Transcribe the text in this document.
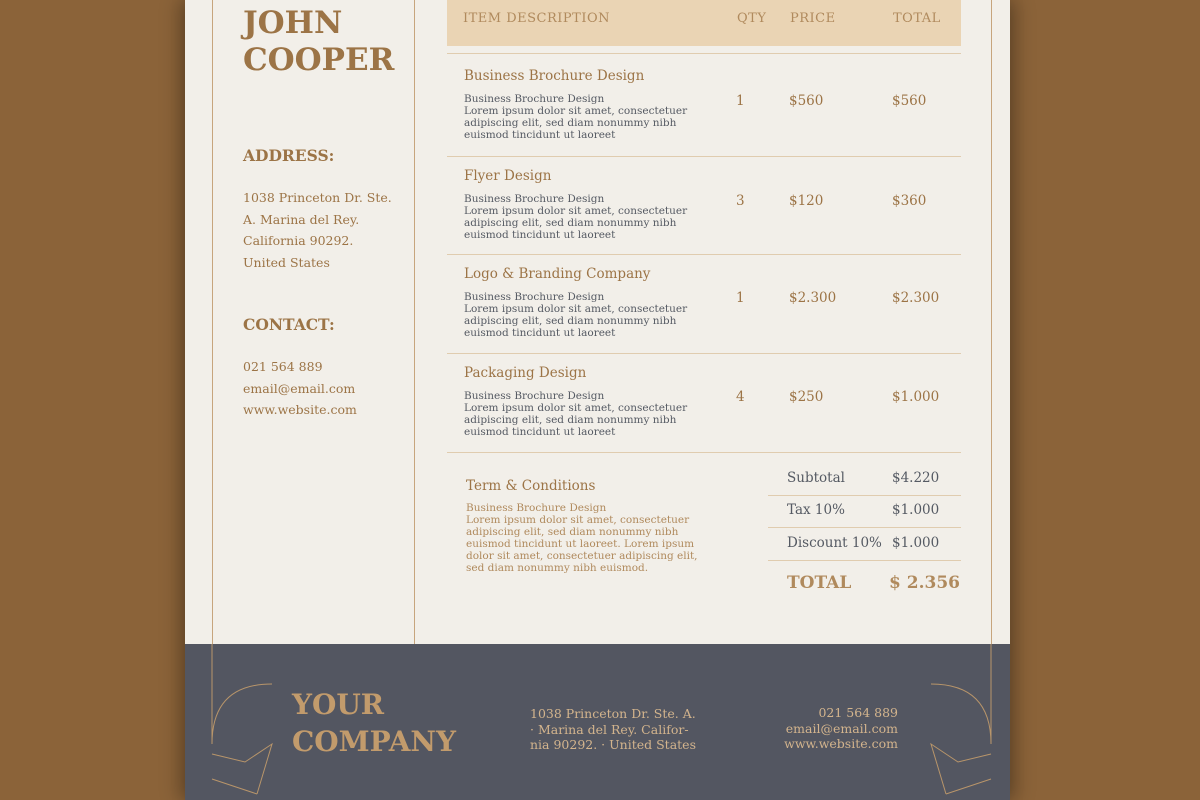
JOHN
COOPER
ADDRESS:
1038 Princeton Dr. Ste.
A. Marina del Rey.
California 90292.
United States
CONTACT:
021 564 889
email@email.com
www.website.com
ITEM DESCRIPTION	QTY PRICE	TOTAL
Business Brochure Design
Business Brochure Design
Lorem ipsum dolor sit amet, consectetuer adipiscing elit, sed diam nonummy nibh euismod tincidunt ut laoreet
1	$560	$560
Flyer Design
Business Brochure Design
Lorem ipsum dolor sit amet, consectetuer adipiscing elit, sed diam nonummy nibh euismod tincidunt ut laoreet
3	$120	$360
Logo & Branding Company
Business Brochure Design
Lorem ipsum dolor sit amet, consectetuer adipiscing elit, sed diam nonummy nibh euismod tincidunt ut laoreet
1	$2.300	$2.300
Packaging Design
Business Brochure Design
Lorem ipsum dolor sit amet, consectetuer adipiscing elit, sed diam nonummy nibh euismod tincidunt ut laoreet
4	$250	$1.000
Term & Conditions
Business Brochure Design
Lorem ipsum dolor sit amet, consectetuer adipiscing elit, sed diam nonummy nibh euismod tincidunt ut laoreet. Lorem ipsum dolor sit amet, consectetuer adipiscing elit, sed diam nonummy nibh euismod.
Subtotal	$4.220
Tax 10%	$1.000
Discount 10% $1.000
TOTAL $ 2.356
YOUR
COMPANY
1038 Princeton Dr. Ste. A.
· Marina del Rey. Califor-
nia 90292. · United States
021 564 889
email@email.com
www.website.com
